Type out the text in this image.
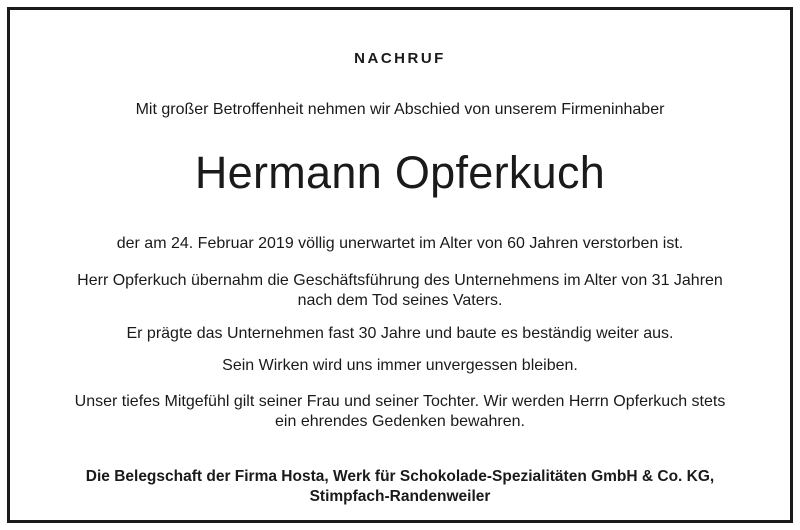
NACHRUF

Mit großer Betroffenheit nehmen wir Abschied von unserem Firmeninhaber

Hermann Opferkuch

der am 24. Februar 2019 völlig unerwartet im Alter von 60 Jahren verstorben ist.

Herr Opferkuch übernahm die Geschäftsführung des Unternehmens im Alter von 31 Jahren
nach dem Tod seines Vaters.

Er prägte das Unternehmen fast 30 Jahre und baute es beständig weiter aus.

Sein Wirken wird uns immer unvergessen bleiben.

Unser tiefes Mitgefühl gilt seiner Frau und seiner Tochter. Wir werden Herrn Opferkuch stets
ein ehrendes Gedenken bewahren.

Die Belegschaft der Firma Hosta, Werk für Schokolade-Spezialitäten GmbH & Co. KG,
Stimpfach-Randenweiler
